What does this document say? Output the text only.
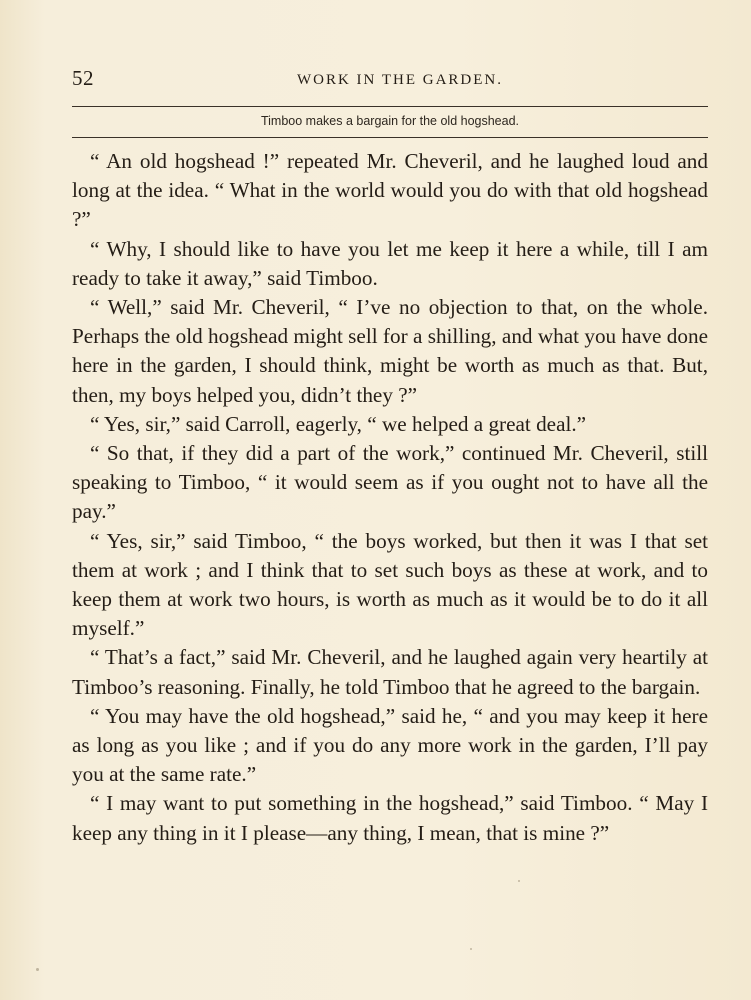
52	WORK IN THE GARDEN.
Timboo makes a bargain for the old hogshead.

“ An old hogshead !” repeated Mr. Cheveril, and he laughed loud and long at the idea. “ What in the world would you do with that old hogshead ?”

“ Why, I should like to have you let me keep it here a while, till I am ready to take it away,” said Timboo.

“ Well,” said Mr. Cheveril, “ I’ve no objection to that, on the whole. Perhaps the old hogshead might sell for a shilling, and what you have done here in the garden, I should think, might be worth as much as that. But, then, my boys helped you, didn’t they ?”

“ Yes, sir,” said Carroll, eagerly, “ we helped a great deal.”

“ So that, if they did a part of the work,” continued Mr. Cheveril, still speaking to Timboo, “ it would seem as if you ought not to have all the pay.”

“ Yes, sir,” said Timboo, “ the boys worked, but then it was I that set them at work ; and I think that to set such boys as these at work, and to keep them at work two hours, is worth as much as it would be to do it all myself.”

“ That’s a fact,” said Mr. Cheveril, and he laughed again very heartily at Timboo’s reasoning. Finally, he told Timboo that he agreed to the bargain.

“ You may have the old hogshead,” said he, “ and you may keep it here as long as you like ; and if you do any more work in the garden, I’ll pay you at the same rate.”

“ I may want to put something in the hogshead,” said Timboo. “ May I keep any thing in it I please—any thing, I mean, that is mine ?”
